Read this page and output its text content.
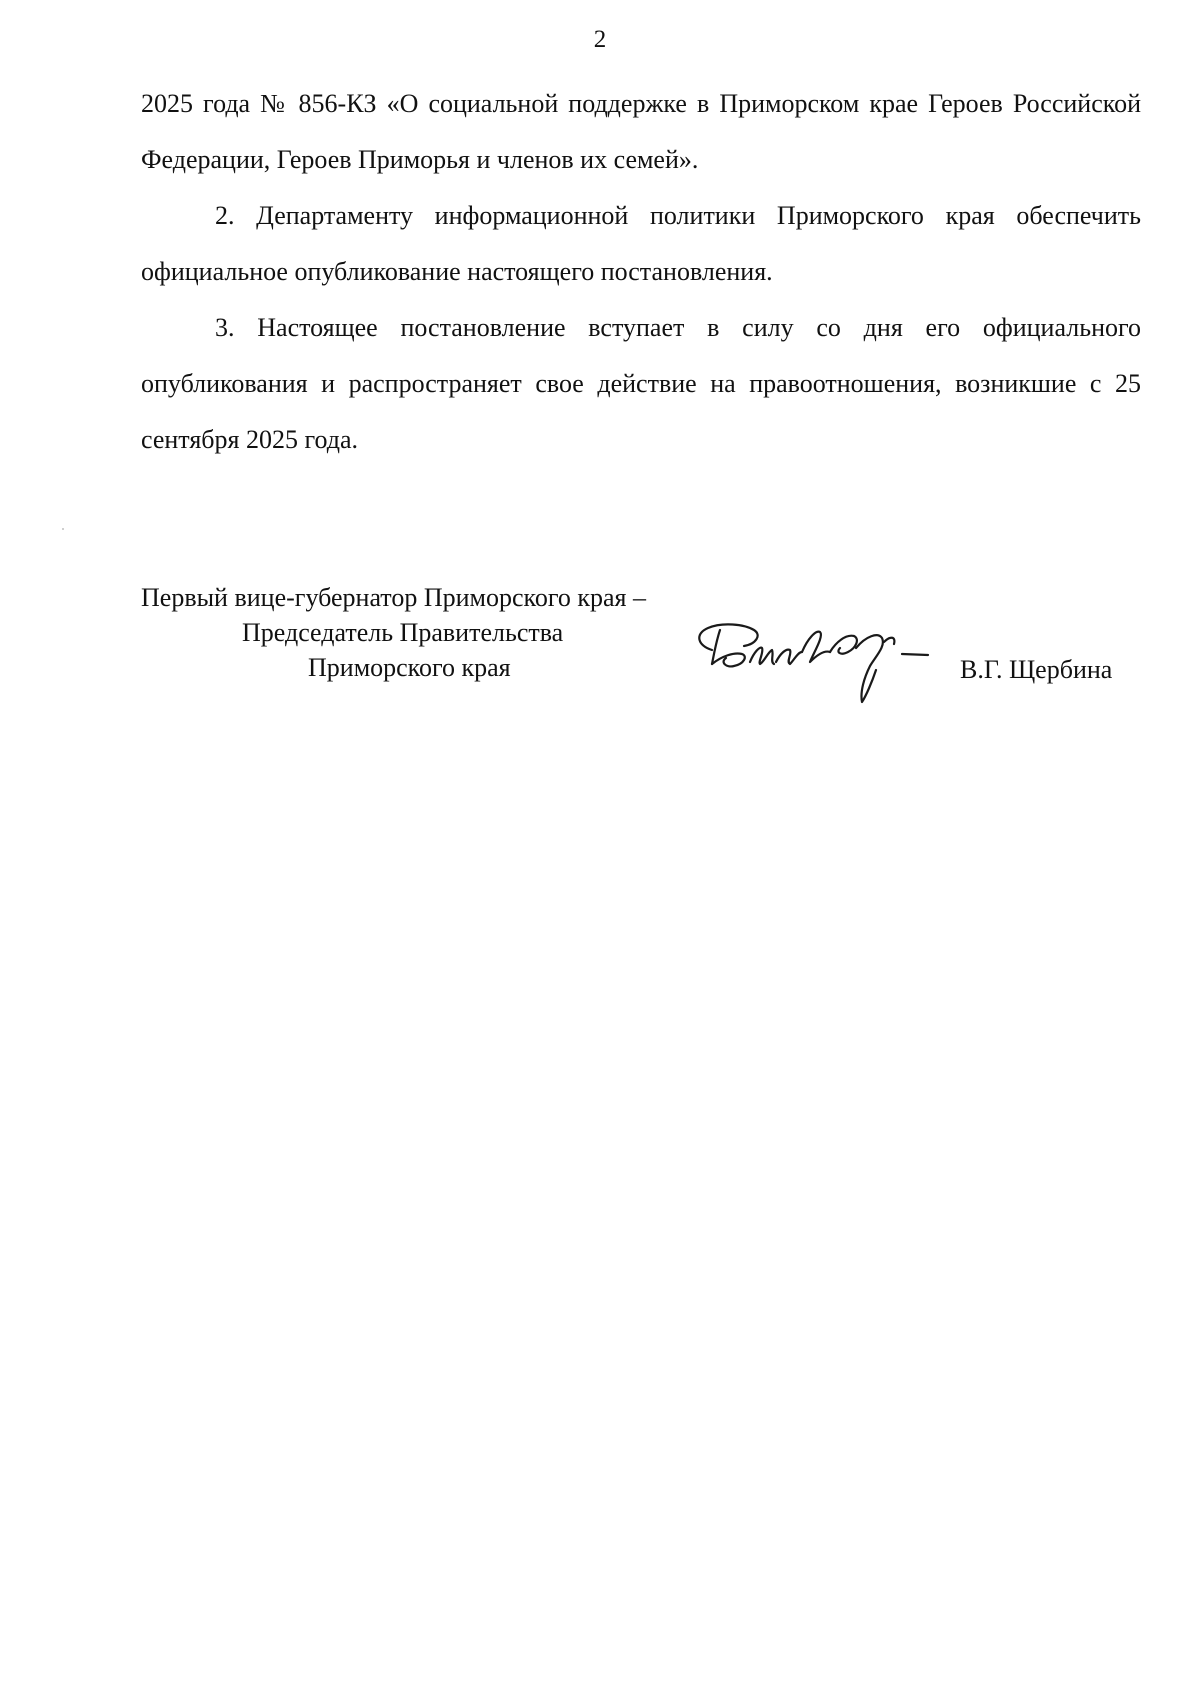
2

2025 года № 856-КЗ «О социальной поддержке в Приморском крае Героев Российской Федерации, Героев Приморья и членов их семей».

2. Департаменту информационной политики Приморского края обеспечить официальное опубликование настоящего постановления.

3. Настоящее постановление вступает в силу со дня его официального опубликования и распространяет свое действие на правоотношения, возникшие с 25 сентября 2025 года.

Первый вице-губернатор Приморского края –
Председатель Правительства
Приморского края	В.Г. Щербина
